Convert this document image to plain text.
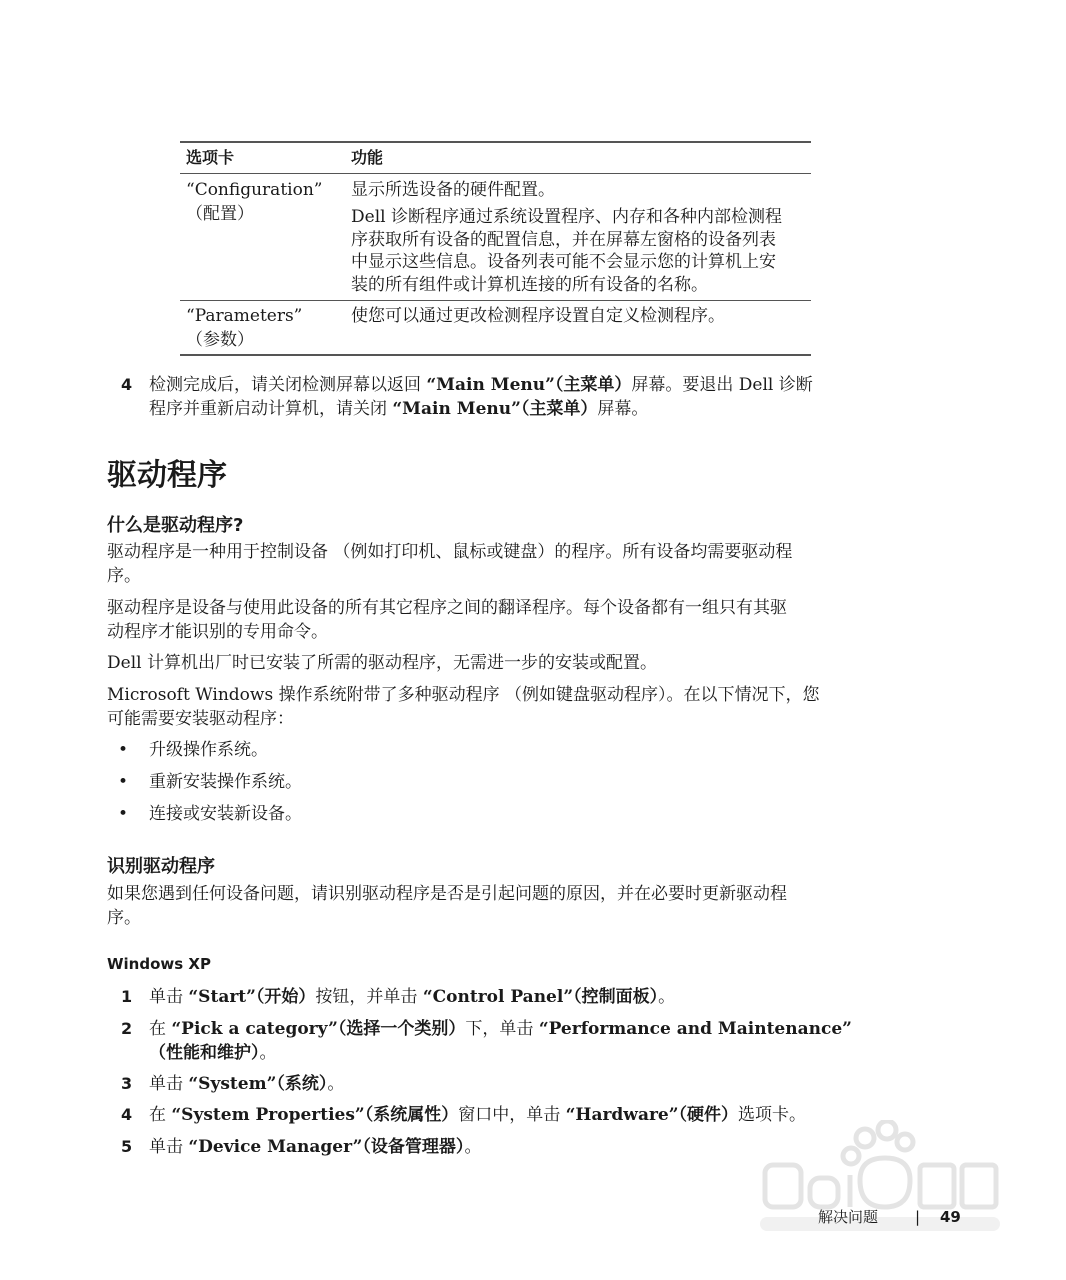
选项卡	功能
“Configuration”
（配置）
显示所选设备的硬件配置。
Dell 诊断程序通过系统设置程序、内存和各种内部检测程
序获取所有设备的配置信息，并在屏幕左窗格的设备列表
中显示这些信息。设备列表可能不会显示您的计算机上安
装的所有组件或计算机连接的所有设备的名称。
“Parameters”
（参数）
使您可以通过更改检测程序设置自定义检测程序。
4 检测完成后，请关闭检测屏幕以返回 “Main Menu”（主菜单）屏幕。要退出 Dell 诊断
程序并重新启动计算机，请关闭 “Main Menu”（主菜单）屏幕。
驱动程序
什么是驱动程序?
驱动程序是一种用于控制设备 （例如打印机、鼠标或键盘）的程序。所有设备均需要驱动程
序。
驱动程序是设备与使用此设备的所有其它程序之间的翻译程序。每个设备都有一组只有其驱
动程序才能识别的专用命令。
Dell 计算机出厂时已安装了所需的驱动程序，无需进一步的安装或配置。
Microsoft Windows 操作系统附带了多种驱动程序 （例如键盘驱动程序）。在以下情况下，您
可能需要安装驱动程序：
• 升级操作系统。
• 重新安装操作系统。
• 连接或安装新设备。
识别驱动程序
如果您遇到任何设备问题，请识别驱动程序是否是引起问题的原因，并在必要时更新驱动程
序。
Windows XP
1 单击 “Start”（开始）按钮，并单击 “Control Panel”（控制面板）。
2 在 “Pick a category”（选择一个类别）下，单击 “Performance and Maintenance”
（性能和维护）。
3 单击 “System”（系统）。
4 在 “System Properties”（系统属性）窗口中，单击 “Hardware”（硬件）选项卡。
5 单击 “Device Manager”（设备管理器）。
解决问题 | 49
